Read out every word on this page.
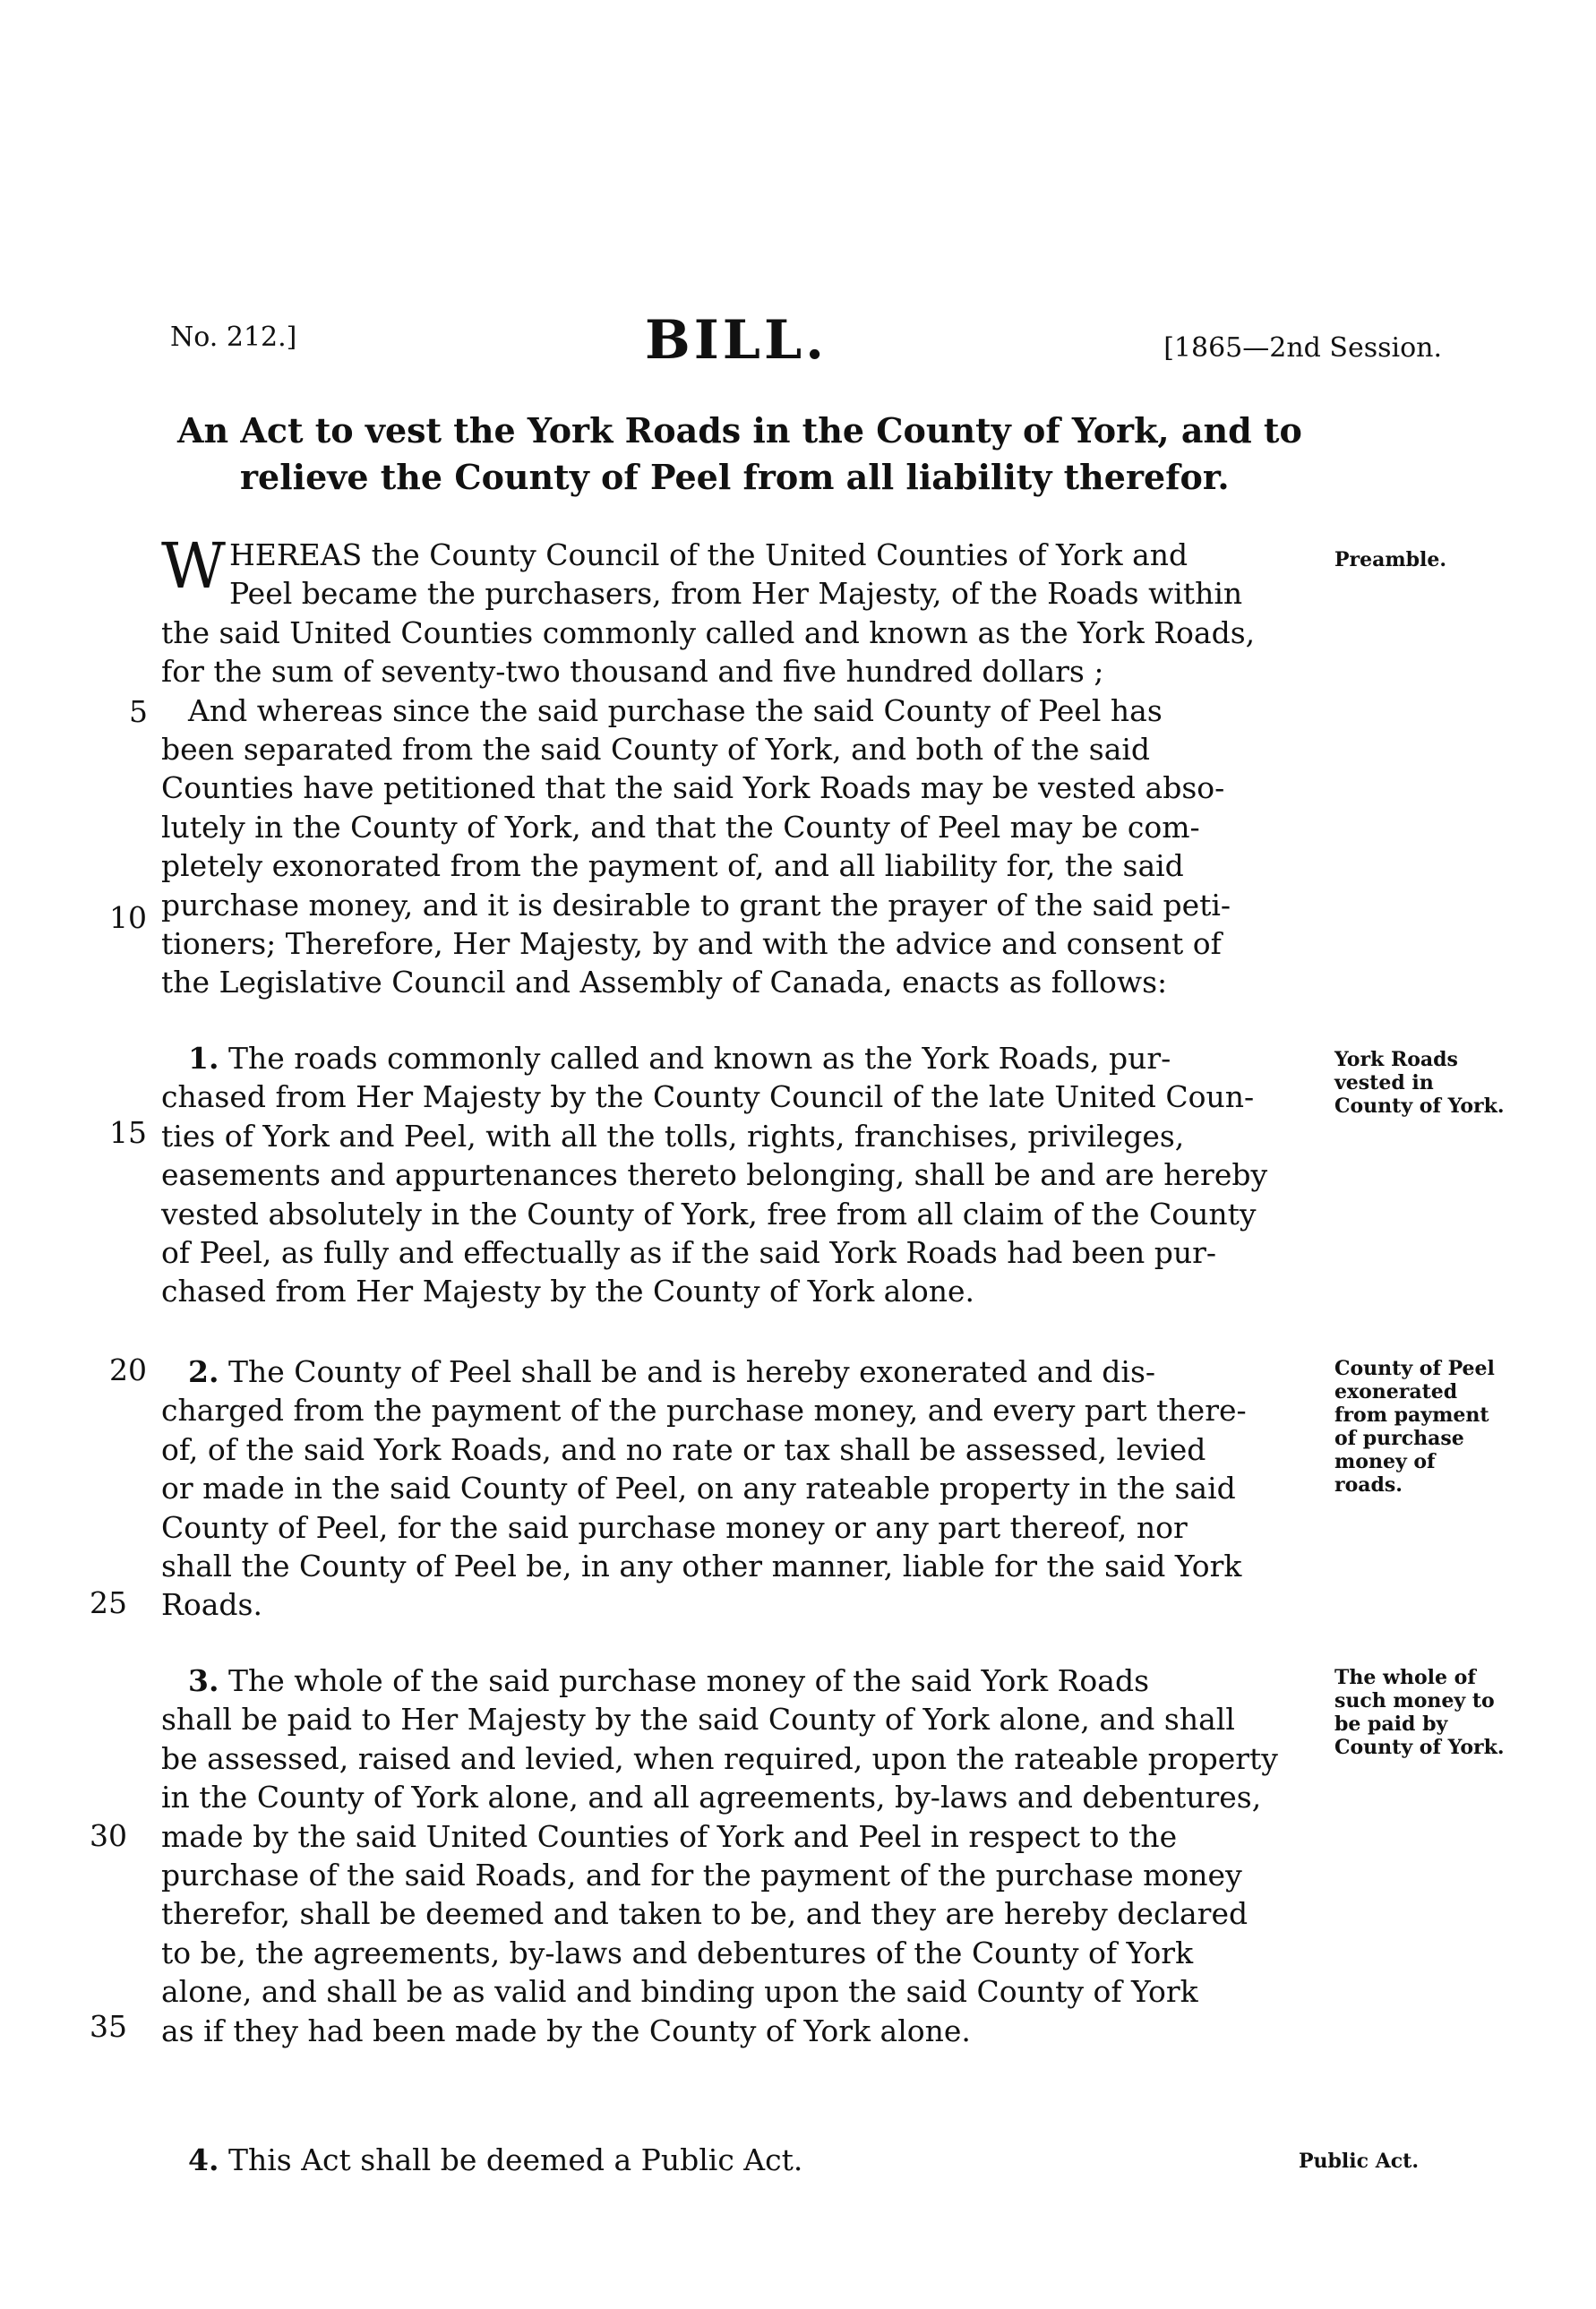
No. 212.]	BILL.	[1865—2nd Session.
An Act to vest the York Roads in the County of York, and to
relieve the County of Peel from all liability therefor.
W HEREAS the County Council of the United Counties of York and
Peel became the purchasers, from Her Majesty, of the Roads within
the said United Counties commonly called and known as the York Roads,
for the sum of seventy-two thousand and five hundred dollars ;
And whereas since the said purchase the said County of Peel has
been separated from the said County of York, and both of the said
Counties have petitioned that the said York Roads may be vested abso-
lutely in the County of York, and that the County of Peel may be com-
pletely exonorated from the payment of, and all liability for, the said
purchase money, and it is desirable to grant the prayer of the said peti-
tioners; Therefore, Her Majesty, by and with the advice and consent of
the Legislative Council and Assembly of Canada, enacts as follows:
Preamble.
1. The roads commonly called and known as the York Roads, pur-
chased from Her Majesty by the County Council of the late United Coun-
ties of York and Peel, with all the tolls, rights, franchises, privileges,
easements and appurtenances thereto belonging, shall be and are hereby
vested absolutely in the County of York, free from all claim of the County
of Peel, as fully and effectually as if the said York Roads had been pur-
chased from Her Majesty by the County of York alone.
York Roads vested in County of York.
2. The County of Peel shall be and is hereby exonerated and dis-
charged from the payment of the purchase money, and every part there-
of, of the said York Roads, and no rate or tax shall be assessed, levied
or made in the said County of Peel, on any rateable property in the said
County of Peel, for the said purchase money or any part thereof, nor
shall the County of Peel be, in any other manner, liable for the said York
Roads.
County of Peel exonerated from payment of purchase money of roads.
3. The whole of the said purchase money of the said York Roads
shall be paid to Her Majesty by the said County of York alone, and shall
be assessed, raised and levied, when required, upon the rateable property
in the County of York alone, and all agreements, by-laws and debentures,
made by the said United Counties of York and Peel in respect to the
purchase of the said Roads, and for the payment of the purchase money
therefor, shall be deemed and taken to be, and they are hereby declared
to be, the agreements, by-laws and debentures of the County of York
alone, and shall be as valid and binding upon the said County of York
as if they had been made by the County of York alone.
The whole of such money to be paid by County of York.
4. This Act shall be deemed a Public Act.	Public Act.
5
10
15
20
25
30
35
